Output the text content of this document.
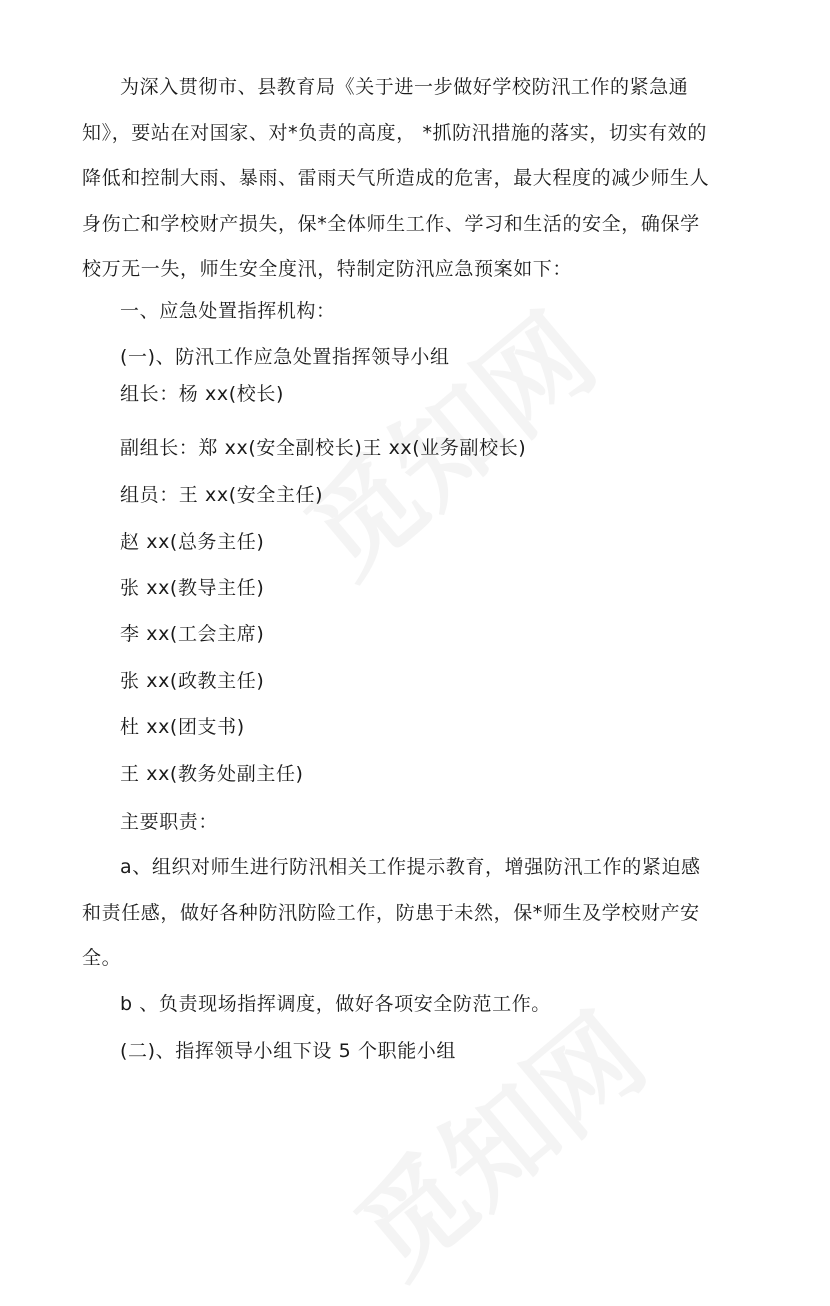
为深入贯彻市、县教育局《关于进一步做好学校防汛工作的紧急通
知》，要站在对国家、对*负责的高度， *抓防汛措施的落实，切实有效的
降低和控制大雨、暴雨、雷雨天气所造成的危害，最大程度的减少师生人
身伤亡和学校财产损失，保*全体师生工作、学习和生活的安全，确保学
校万无一失，师生安全度汛，特制定防汛应急预案如下：
一、应急处置指挥机构：
(一)、防汛工作应急处置指挥领导小组
组长：杨 xx(校长)
副组长：郑 xx(安全副校长)王 xx(业务副校长)
组员：王 xx(安全主任)
赵 xx(总务主任)
张 xx(教导主任)
李 xx(工会主席)
张 xx(政教主任)
杜 xx(团支书)
王 xx(教务处副主任)
主要职责：
a、组织对师生进行防汛相关工作提示教育，增强防汛工作的紧迫感
和责任感，做好各种防汛防险工作，防患于未然，保*师生及学校财产安
全。
b 、负责现场指挥调度，做好各项安全防范工作。
(二)、指挥领导小组下设 5 个职能小组
